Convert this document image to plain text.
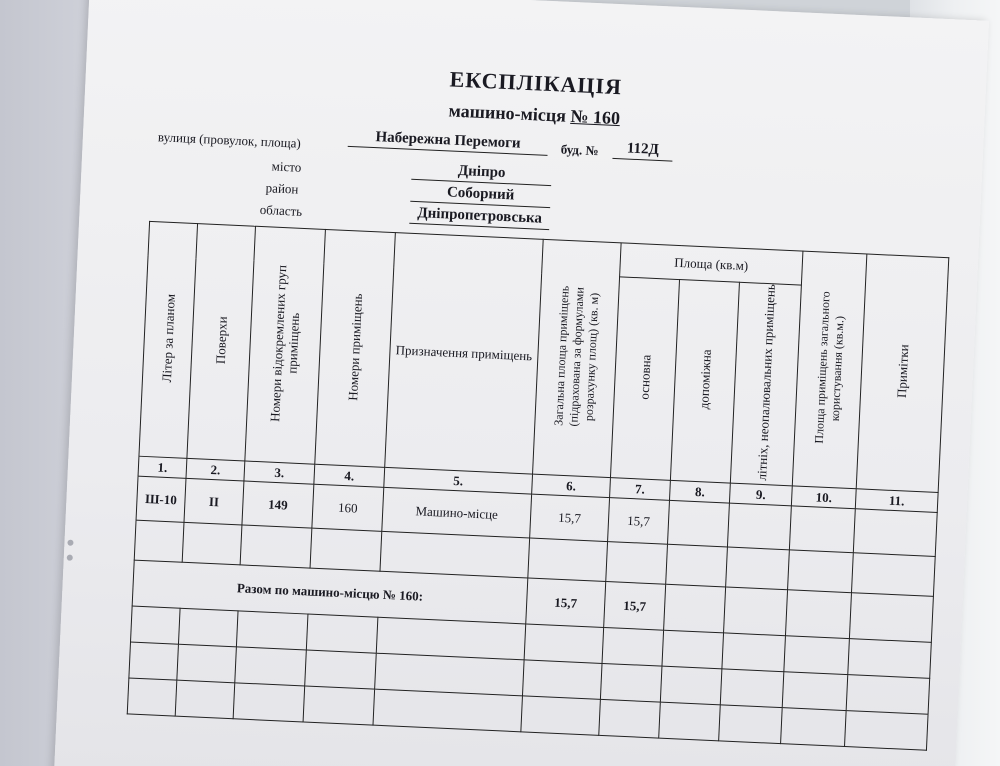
ЕКСПЛІКАЦІЯ
машино-місця № 160
вулиця (провулок, площа)	Набережна Перемоги	буд. №	112Д
місто	Дніпро
район	Соборний
область	Дніпропетровська
Літер за планом	Поверхи	Номери відокремлених груп приміщень	Номери приміщень	Призначення приміщень	Загальна площа приміщень (підрахована за формулами розрахунку площ) (кв. м)	Площа (кв.м)			Площа приміщень загального користування (кв.м.)	Примітки
						основна	допоміжна	літніх, неопалювальних приміщень		
1.	2.	3.	4.	5.	6.	7.	8.	9.	10.	11.
Ш-10	ІІ	149	160	Машино-місце	15,7	15,7				

Разом по машино-місцю № 160:					15,7	15,7				
